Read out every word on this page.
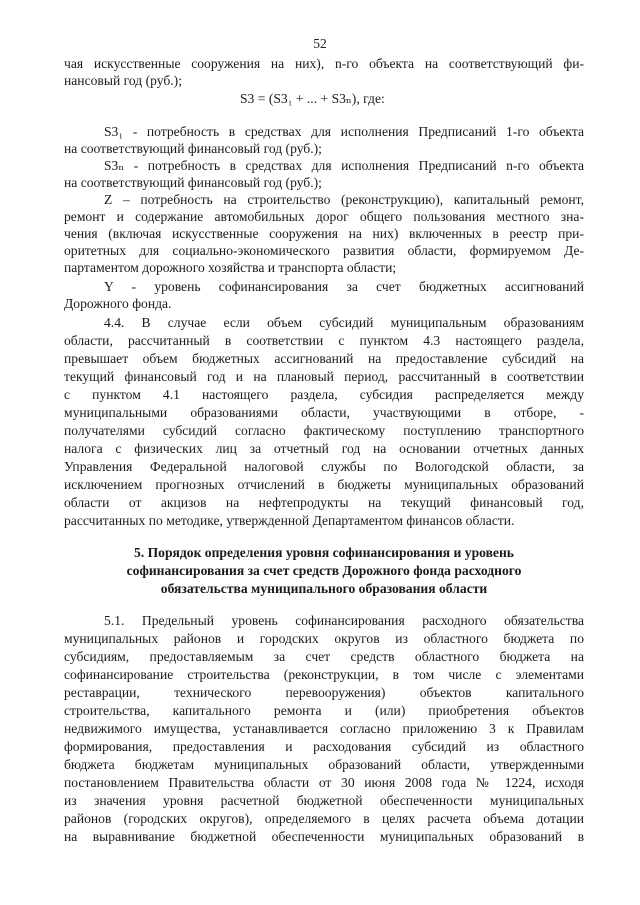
52
чая искусственные сооружения на них), n-го объекта на соответствующий фи-
нансовый год (руб.);
S3 = (S3₁ + ... + S3ₙ), где:
S3₁ - потребность в средствах для исполнения Предписаний 1-го объекта
на соответствующий финансовый год (руб.);
S3ₙ - потребность в средствах для исполнения Предписаний n-го объекта
на соответствующий финансовый год (руб.);
Z – потребность на строительство (реконструкцию), капитальный ремонт,
ремонт и содержание автомобильных дорог общего пользования местного зна-
чения (включая искусственные сооружения на них) включенных в реестр при-
оритетных для социально-экономического развития области, формируемом Де-
партаментом дорожного хозяйства и транспорта области;
Y - уровень софинансирования за счет бюджетных ассигнований
Дорожного фонда.
4.4. В случае если объем субсидий муниципальным образованиям
области, рассчитанный в соответствии с пунктом 4.3 настоящего раздела,
превышает объем бюджетных ассигнований на предоставление субсидий на
текущий финансовый год и на плановый период, рассчитанный в соответствии
с пунктом 4.1 настоящего раздела, субсидия распределяется между
муниципальными образованиями области, участвующими в отборе, -
получателями субсидий согласно фактическому поступлению транспортного
налога с физических лиц за отчетный год на основании отчетных данных
Управления Федеральной налоговой службы по Вологодской области, за
исключением прогнозных отчислений в бюджеты муниципальных образований
области от акцизов на нефтепродукты на текущий финансовый год,
рассчитанных по методике, утвержденной Департаментом финансов области.
5. Порядок определения уровня софинансирования и уровень
софинансирования за счет средств Дорожного фонда расходного
обязательства муниципального образования области
5.1. Предельный уровень софинансирования расходного обязательства
муниципальных районов и городских округов из областного бюджета по
субсидиям, предоставляемым за счет средств областного бюджета на
софинансирование строительства (реконструкции, в том числе с элементами
реставрации, технического перевооружения) объектов капитального
строительства, капитального ремонта и (или) приобретения объектов
недвижимого имущества, устанавливается согласно приложению 3 к Правилам
формирования, предоставления и расходования субсидий из областного
бюджета бюджетам муниципальных образований области, утвержденными
постановлением Правительства области от 30 июня 2008 года № 1224, исходя
из значения уровня расчетной бюджетной обеспеченности муниципальных
районов (городских округов), определяемого в целях расчета объема дотации
на выравнивание бюджетной обеспеченности муниципальных образований в
